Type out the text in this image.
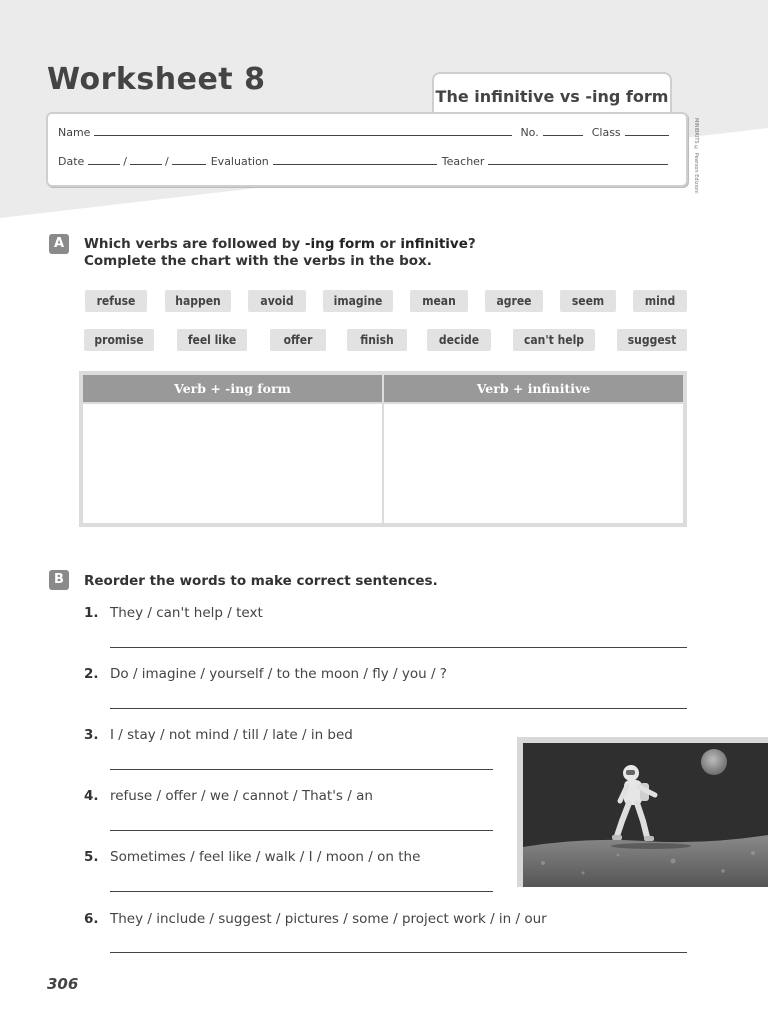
Worksheet 8	The infinitive vs -ing form
Name	No.	Class
Date	/	/	Evaluation	Teacher	MINIBRITS © Pearson Edizioni
A	Which verbs are followed by -ing form or infinitive?
Complete the chart with the verbs in the box.
refuse	happen	avoid	imagine	mean	agree	seem	mind
promise	feel like	offer	finish	decide	can't help	suggest
Verb + -ing form	Verb + infinitive
B	Reorder the words to make correct sentences.
1. They / can't help / text
2. Do / imagine / yourself / to the moon / fly / you / ?
3. I / stay / not mind / till / late / in bed
4. refuse / offer / we / cannot / That's / an
5. Sometimes / feel like / walk / I / moon / on the
6. They / include / suggest / pictures / some / project work / in / our
306
